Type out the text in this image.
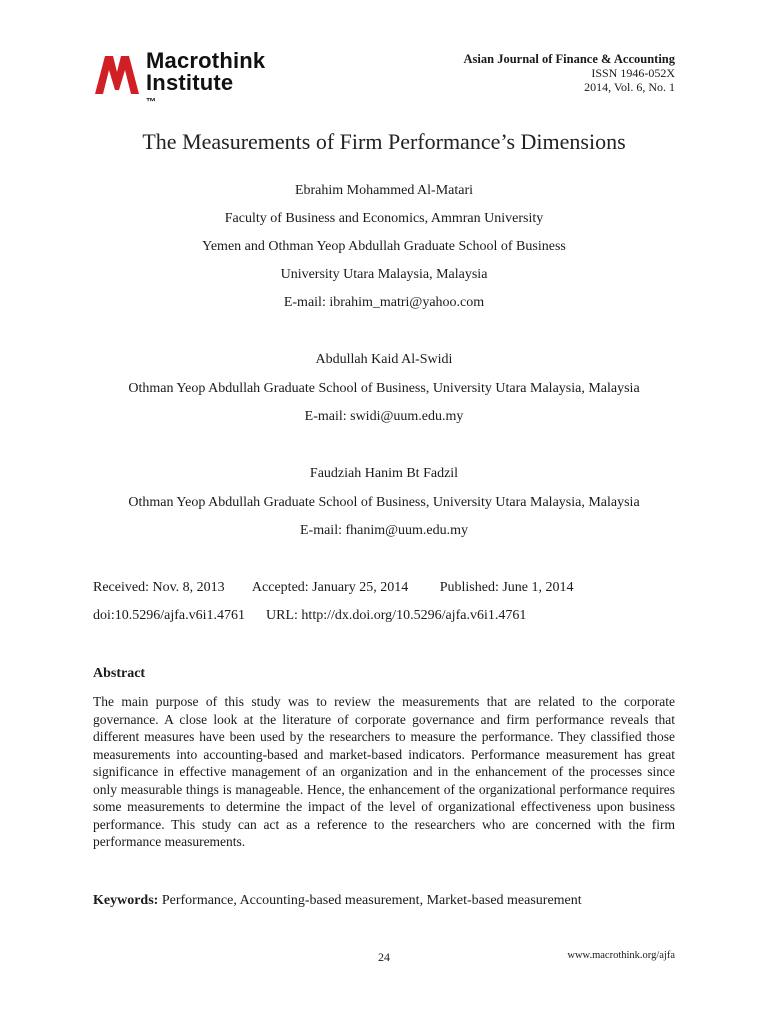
Macrothink
Institute
™
Asian Journal of Finance & Accounting
ISSN 1946-052X
2014, Vol. 6, No. 1
The Measurements of Firm Performance’s Dimensions
Ebrahim Mohammed Al-Matari
Faculty of Business and Economics, Ammran University
Yemen and Othman Yeop Abdullah Graduate School of Business
University Utara Malaysia, Malaysia
E-mail: ibrahim_matri@yahoo.com
Abdullah Kaid Al-Swidi
Othman Yeop Abdullah Graduate School of Business, University Utara Malaysia, Malaysia
E-mail: swidi@uum.edu.my
Faudziah Hanim Bt Fadzil
Othman Yeop Abdullah Graduate School of Business, University Utara Malaysia, Malaysia
E-mail: fhanim@uum.edu.my
Received: Nov. 8, 2013 Accepted: January 25, 2014 Published: June 1, 2014
doi:10.5296/ajfa.v6i1.4761 URL: http://dx.doi.org/10.5296/ajfa.v6i1.4761
Abstract
The main purpose of this study was to review the measurements that are related to the corporate governance. A close look at the literature of corporate governance and firm performance reveals that different measures have been used by the researchers to measure the performance. They classified those measurements into accounting-based and market-based indicators. Performance measurement has great significance in effective management of an organization and in the enhancement of the processes since only measurable things is manageable. Hence, the enhancement of the organizational performance requires some measurements to determine the impact of the level of organizational effectiveness upon business performance. This study can act as a reference to the researchers who are concerned with the firm performance measurements.
Keywords: Performance, Accounting-based measurement, Market-based measurement
24	www.macrothink.org/ajfa
